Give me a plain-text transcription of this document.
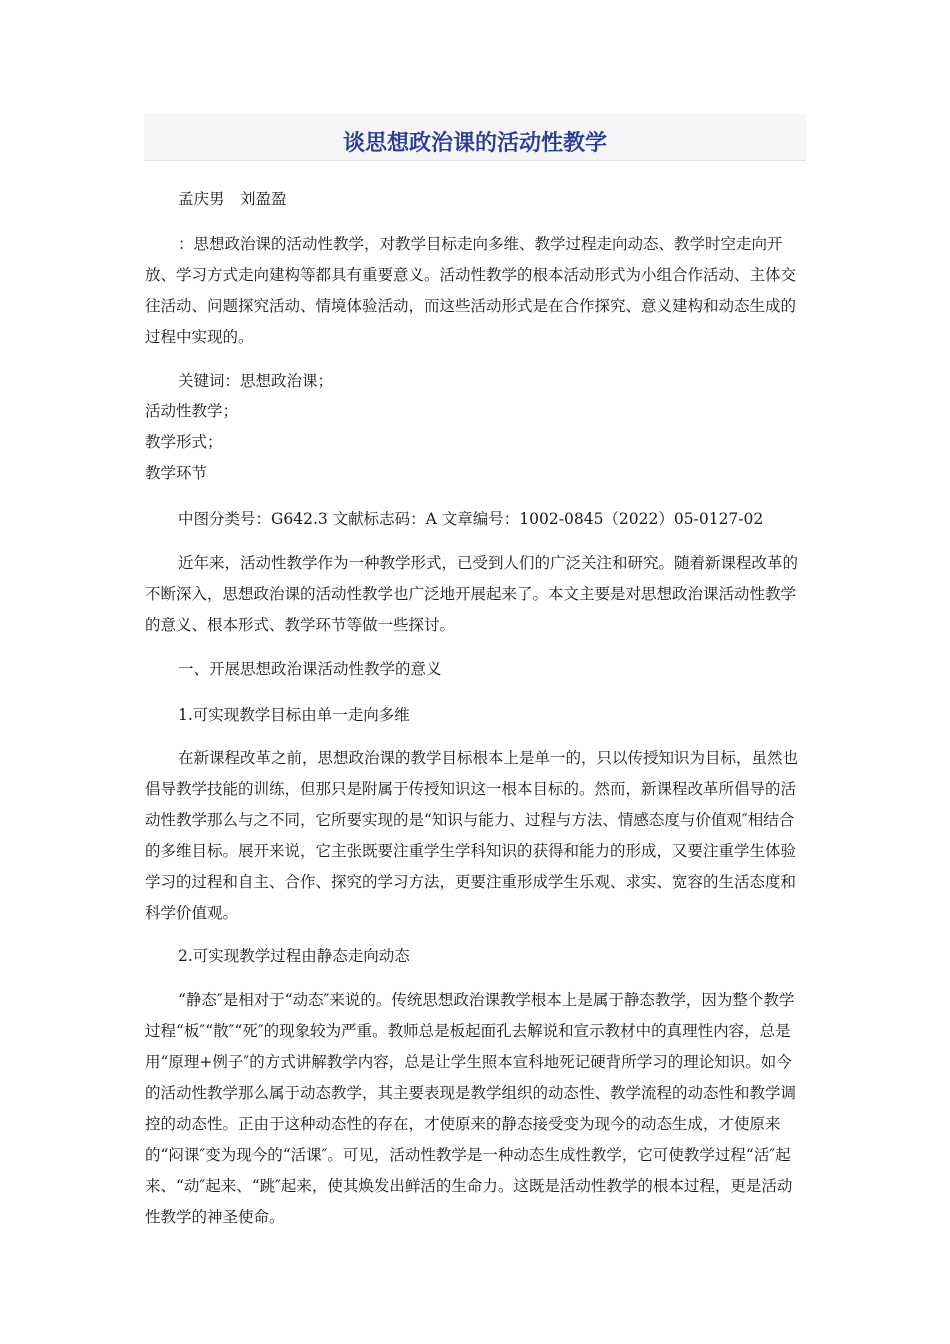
谈思想政治课的活动性教学

孟庆男　刘盈盈

：思想政治课的活动性教学，对教学目标走向多维、教学过程走向动态、教学时空走向开放、学习方式走向建构等都具有重要意义。活动性教学的根本活动形式为小组合作活动、主体交往活动、问题探究活动、情境体验活动，而这些活动形式是在合作探究、意义建构和动态生成的过程中实现的。

关键词：思想政治课；

活动性教学；

教学形式；

教学环节

中图分类号：G642.3 文献标志码：A 文章编号：1002-0845（2022）05-0127-02

近年来，活动性教学作为一种教学形式，已受到人们的广泛关注和研究。随着新课程改革的不断深入，思想政治课的活动性教学也广泛地开展起来了。本文主要是对思想政治课活动性教学的意义、根本形式、教学环节等做一些探讨。

一、开展思想政治课活动性教学的意义

1.可实现教学目标由单一走向多维

在新课程改革之前，思想政治课的教学目标根本上是单一的，只以传授知识为目标，虽然也倡导教学技能的训练，但那只是附属于传授知识这一根本目标的。然而，新课程改革所倡导的活动性教学那么与之不同，它所要实现的是“知识与能力、过程与方法、情感态度与价值观″相结合的多维目标。展开来说，它主张既要注重学生学科知识的获得和能力的形成，又要注重学生体验学习的过程和自主、合作、探究的学习方法，更要注重形成学生乐观、求实、宽容的生活态度和科学价值观。

2.可实现教学过程由静态走向动态

“静态″是相对于“动态″来说的。传统思想政治课教学根本上是属于静态教学，因为整个教学过程“板″“散″“死″的现象较为严重。教师总是板起面孔去解说和宣示教材中的真理性内容，总是用“原理+例子″的方式讲解教学内容，总是让学生照本宣科地死记硬背所学习的理论知识。如今的活动性教学那么属于动态教学，其主要表现是教学组织的动态性、教学流程的动态性和教学调控的动态性。正由于这种动态性的存在，才使原来的静态接受变为现今的动态生成，才使原来的“闷课″变为现今的“活课″。可见，活动性教学是一种动态生成性教学，它可使教学过程“活″起来、“动″起来、“跳″起来，使其焕发出鲜活的生命力。这既是活动性教学的根本过程，更是活动性教学的神圣使命。
